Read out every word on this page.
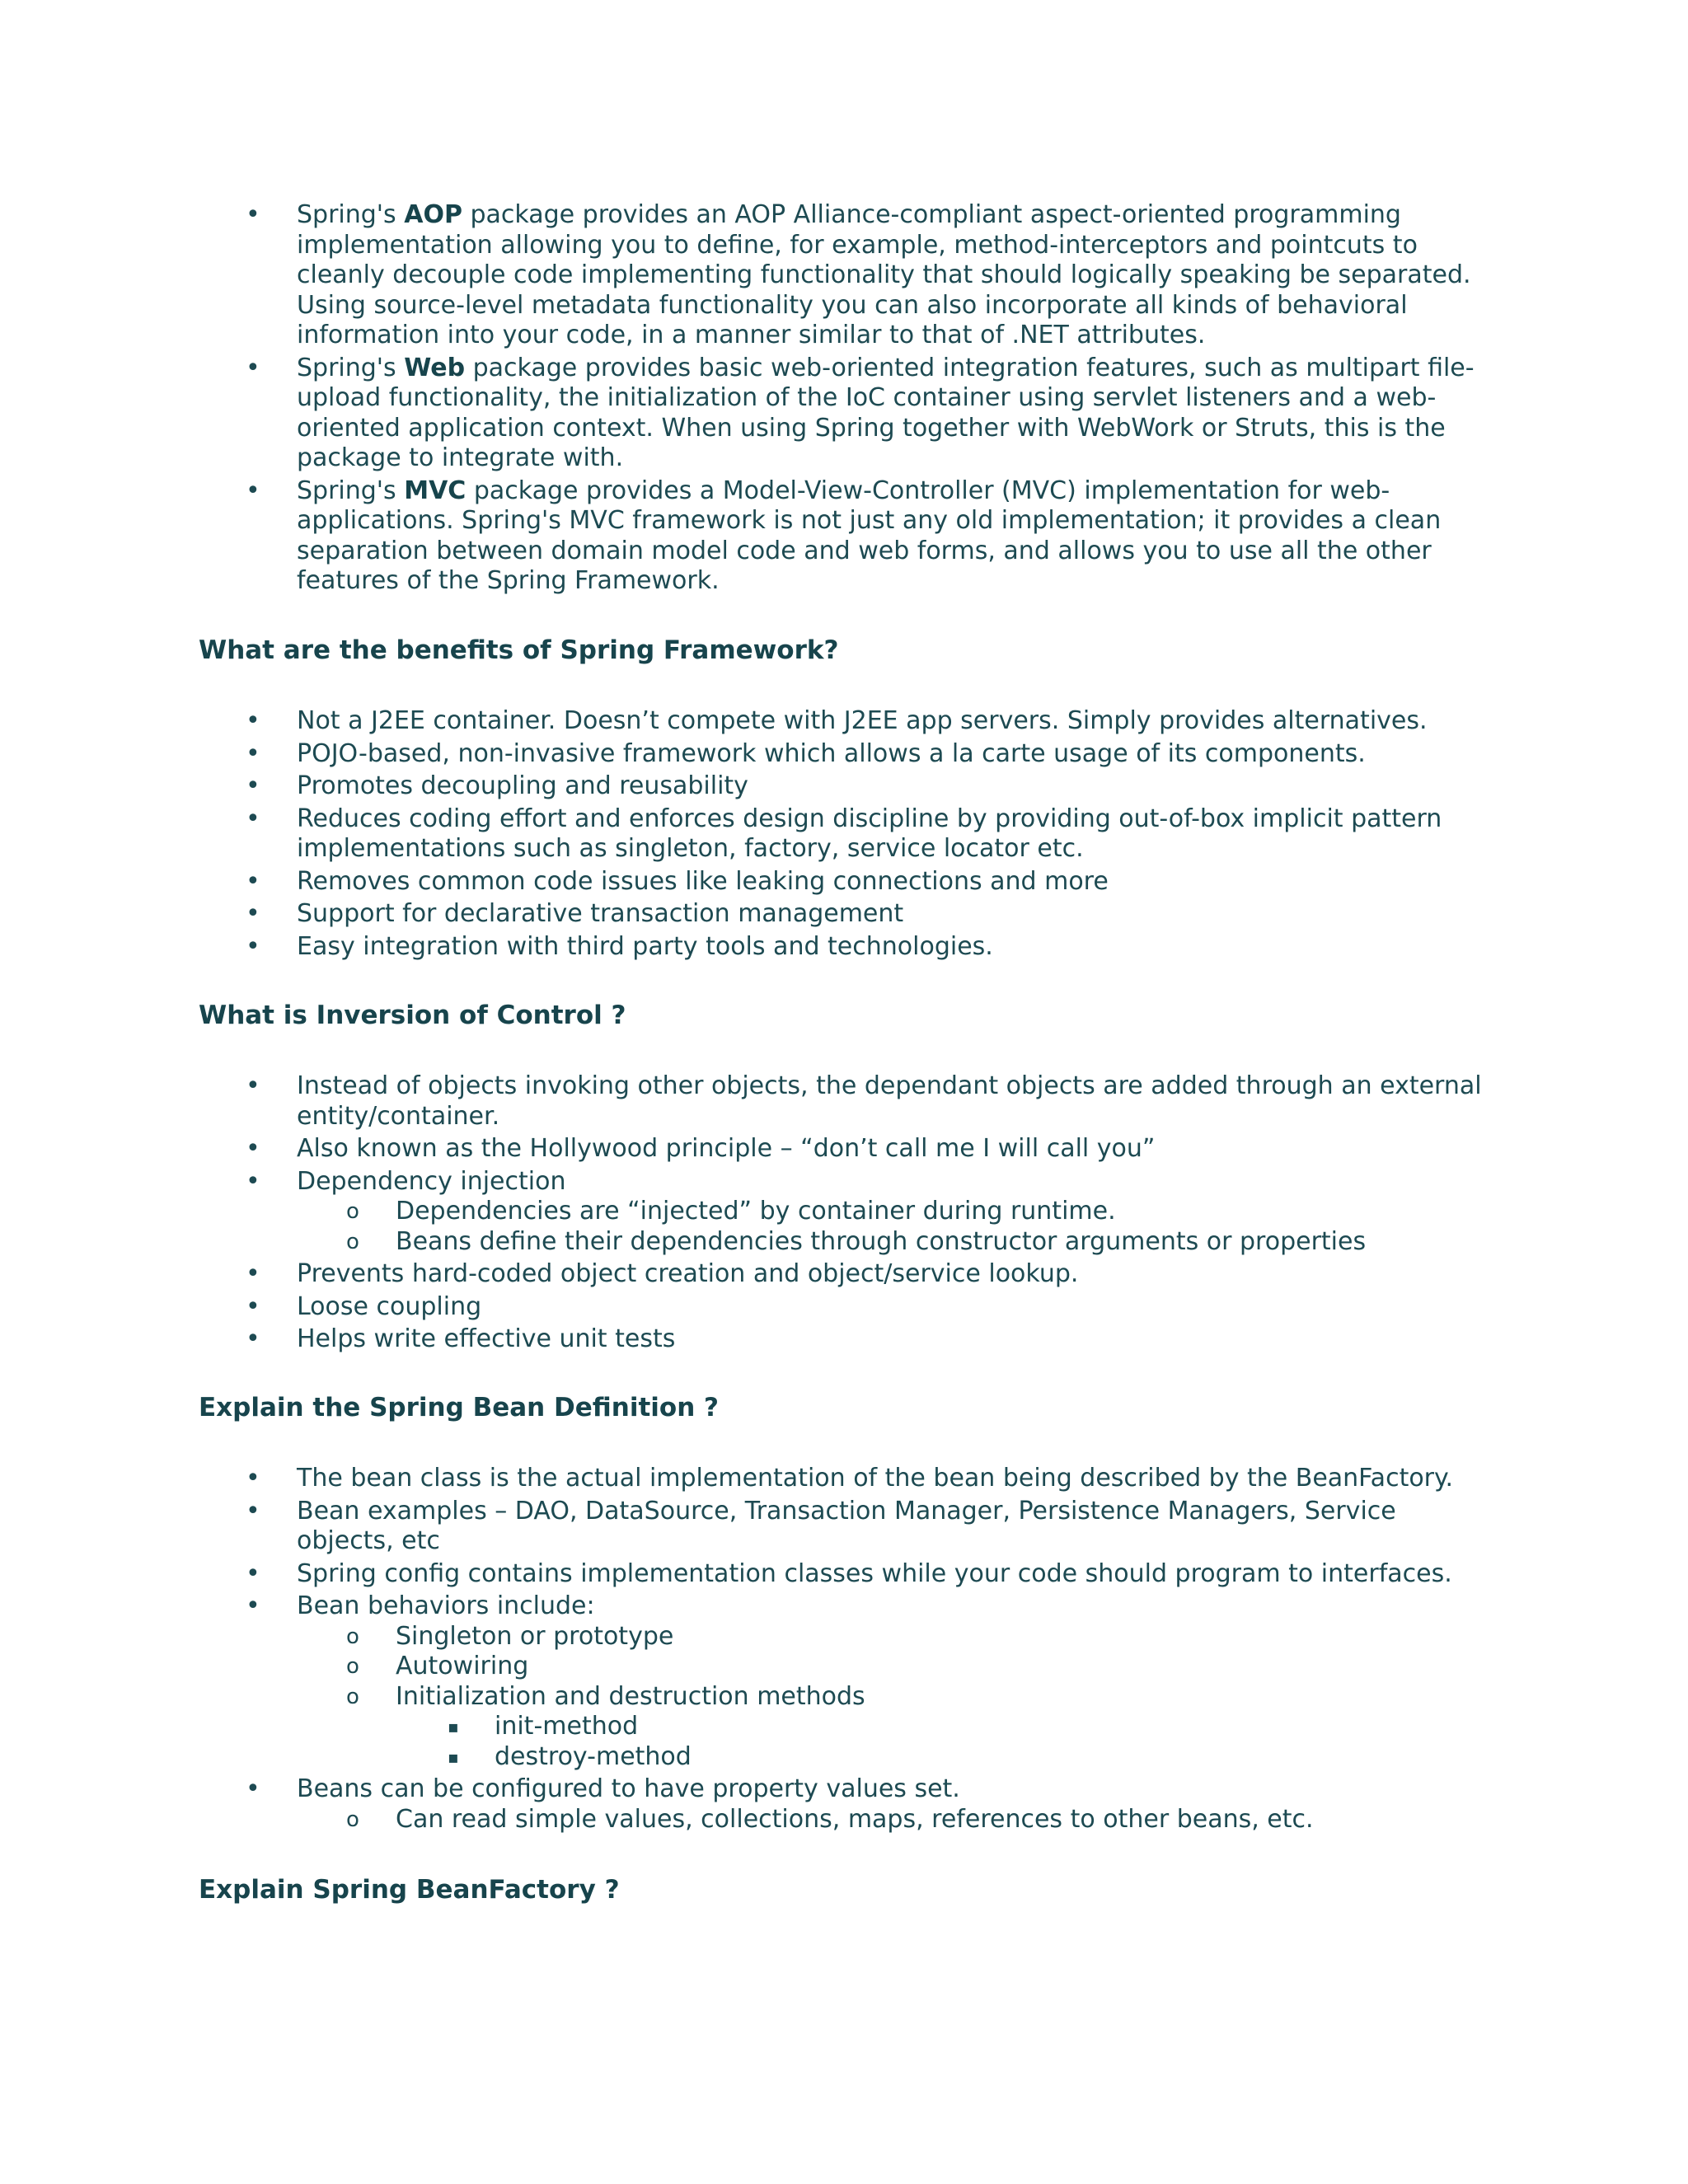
• Spring's AOP package provides an AOP Alliance-compliant aspect-oriented programming implementation allowing you to define, for example, method-interceptors and pointcuts to cleanly decouple code implementing functionality that should logically speaking be separated. Using source-level metadata functionality you can also incorporate all kinds of behavioral information into your code, in a manner similar to that of .NET attributes.
• Spring's Web package provides basic web-oriented integration features, such as multipart file-upload functionality, the initialization of the IoC container using servlet listeners and a web-oriented application context. When using Spring together with WebWork or Struts, this is the package to integrate with.
• Spring's MVC package provides a Model-View-Controller (MVC) implementation for web-applications. Spring's MVC framework is not just any old implementation; it provides a clean separation between domain model code and web forms, and allows you to use all the other features of the Spring Framework.
What are the benefits of Spring Framework?
• Not a J2EE container. Doesn’t compete with J2EE app servers. Simply provides alternatives.
• POJO-based, non-invasive framework which allows a la carte usage of its components.
• Promotes decoupling and reusability
• Reduces coding effort and enforces design discipline by providing out-of-box implicit pattern implementations such as singleton, factory, service locator etc.
• Removes common code issues like leaking connections and more
• Support for declarative transaction management
• Easy integration with third party tools and technologies.
What is Inversion of Control ?
• Instead of objects invoking other objects, the dependant objects are added through an external entity/container.
• Also known as the Hollywood principle – “don’t call me I will call you”
• Dependency injection
o Dependencies are “injected” by container during runtime.
o Beans define their dependencies through constructor arguments or properties
• Prevents hard-coded object creation and object/service lookup.
• Loose coupling
• Helps write effective unit tests
Explain the Spring Bean Definition ?
• The bean class is the actual implementation of the bean being described by the BeanFactory.
• Bean examples – DAO, DataSource, Transaction Manager, Persistence Managers, Service objects, etc
• Spring config contains implementation classes while your code should program to interfaces.
• Bean behaviors include:
o Singleton or prototype
o Autowiring
o Initialization and destruction methods
▪ init-method
▪ destroy-method
• Beans can be configured to have property values set.
o Can read simple values, collections, maps, references to other beans, etc.
Explain Spring BeanFactory ?
